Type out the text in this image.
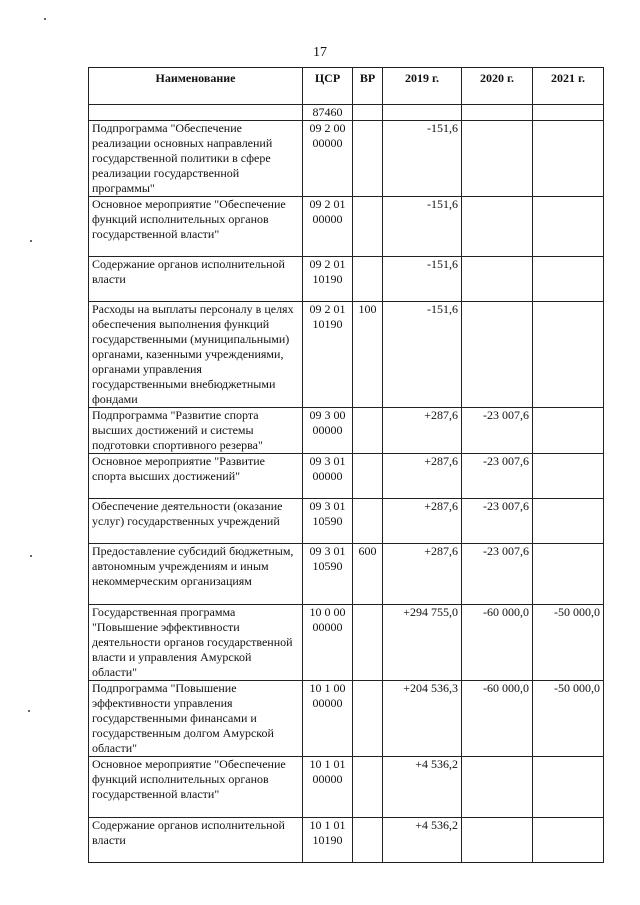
17
Наименование	ЦСР	ВР	2019 г.	2020 г.	2021 г.
	87460				
Подпрограмма "Обеспечение реализации основных направлений государственной политики в сфере реализации государственной программы"	09 2 00 00000		-151,6		
Основное мероприятие "Обеспечение функций исполнительных органов государственной власти"	09 2 01 00000		-151,6		
Содержание органов исполнительной власти	09 2 01 10190		-151,6		
Расходы на выплаты персоналу в целях обеспечения выполнения функций государственными (муниципальными) органами, казенными учреждениями, органами управления государственными внебюджетными фондами	09 2 01 10190	100	-151,6		
Подпрограмма "Развитие спорта высших достижений и системы подготовки спортивного резерва"	09 3 00 00000		+287,6	-23 007,6	
Основное мероприятие "Развитие спорта высших достижений"	09 3 01 00000		+287,6	-23 007,6	
Обеспечение деятельности (оказание услуг) государственных учреждений	09 3 01 10590		+287,6	-23 007,6	
Предоставление субсидий бюджетным, автономным учреждениям и иным некоммерческим организациям	09 3 01 10590	600	+287,6	-23 007,6	
Государственная программа "Повышение эффективности деятельности органов государственной власти и управления Амурской области"	10 0 00 00000		+294 755,0	-60 000,0	-50 000,0
Подпрограмма "Повышение эффективности управления государственными финансами и государственным долгом Амурской области"	10 1 00 00000		+204 536,3	-60 000,0	-50 000,0
Основное мероприятие "Обеспечение функций исполнительных органов государственной власти"	10 1 01 00000		+4 536,2		
Содержание органов исполнительной власти	10 1 01 10190		+4 536,2		
